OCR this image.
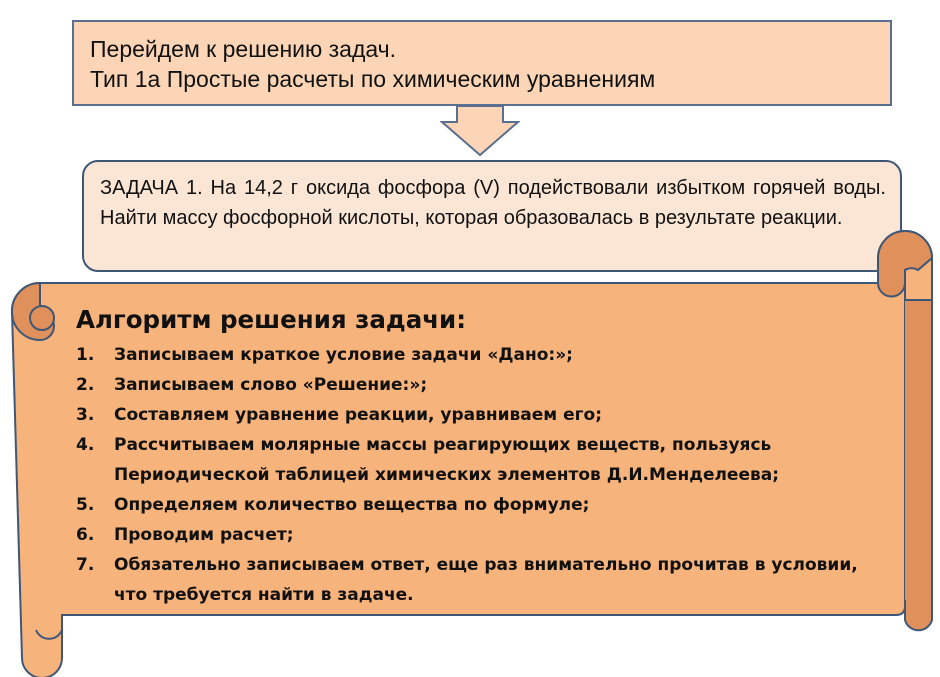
Перейдем к решению задач.
Тип 1а Простые расчеты по химическим уравнениям
ЗАДАЧА 1. На 14,2 г оксида фосфора (V) подействовали избытком горячей воды. Найти массу фосфорной кислоты, которая образовалась в результате реакции.
Алгоритм решения задачи:
1. Записываем краткое условие задачи «Дано:»;
2. Записываем слово «Решение:»;
3. Составляем уравнение реакции, уравниваем его;
4. Рассчитываем молярные массы реагирующих веществ, пользуясь Периодической таблицей химических элементов Д.И.Менделеева;
5. Определяем количество вещества по формуле;
6. Проводим расчет;
7. Обязательно записываем ответ, еще раз внимательно прочитав в условии, что требуется найти в задаче.
